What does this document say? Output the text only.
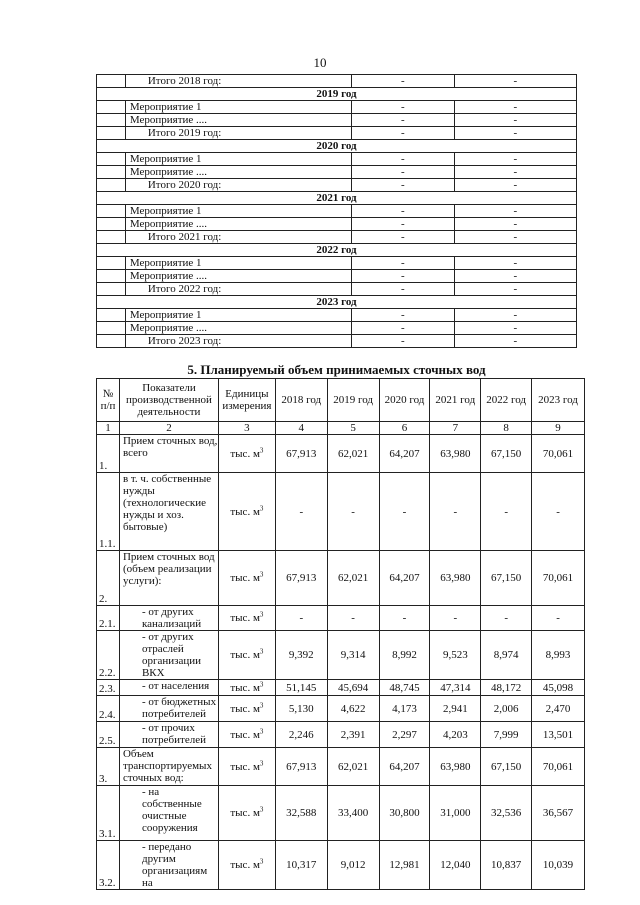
10
	Итого 2018 год:	-	-
2019 год			
	Мероприятие 1	-	-
	Мероприятие ....	-	-
	Итого 2019 год:	-	-
2020 год			
	Мероприятие 1	-	-
	Мероприятие ....	-	-
	Итого 2020 год:	-	-
2021 год			
	Мероприятие 1	-	-
	Мероприятие ....	-	-
	Итого 2021 год:	-	-
2022 год			
	Мероприятие 1	-	-
	Мероприятие ....	-	-
	Итого 2022 год:	-	-
2023 год			
	Мероприятие 1	-	-
	Мероприятие ....	-	-
	Итого 2023 год:	-	-
5. Планируемый объем принимаемых сточных вод
№ п/п	Показатели производственной деятельности	Единицы измерения	2018 год	2019 год	2020 год	2021 год	2022 год	2023 год
1	2	3	4	5	6	7	8	9
1.	Прием сточных вод, всего	тыс. $м^3$	67,913	62,021	64,207	63,980	67,150	70,061
1.1.	в т. ч. собственные нужды (технологические нужды и хоз. бытовые)	тыс. $м^3$	-	-	-	-	-	-
2.	Прием сточных вод (объем реализации услуги):	тыс. $м^3$	67,913	62,021	64,207	63,980	67,150	70,061
2.1.	- от других канализаций	тыс. $м^3$	-	-	-	-	-	-
2.2.	- от других отраслей организации ВКХ	тыс. $м^3$	9,392	9,314	8,992	9,523	8,974	8,993
2.3.	- от населения	тыс. $м^3$	51,145	45,694	48,745	47,314	48,172	45,098
2.4.	- от бюджетных потребителей	тыс. $м^3$	5,130	4,622	4,173	2,941	2,006	2,470
2.5.	- от прочих потребителей	тыс. $м^3$	2,246	2,391	2,297	4,203	7,999	13,501
3.	Объем транспортируемых сточных вод:	тыс. $м^3$	67,913	62,021	64,207	63,980	67,150	70,061
3.1.	- на собственные очистные сооружения	тыс. $м^3$	32,588	33,400	30,800	31,000	32,536	36,567
3.2.	- передано другим организациям на	тыс. $м^3$	10,317	9,012	12,981	12,040	10,837	10,039
